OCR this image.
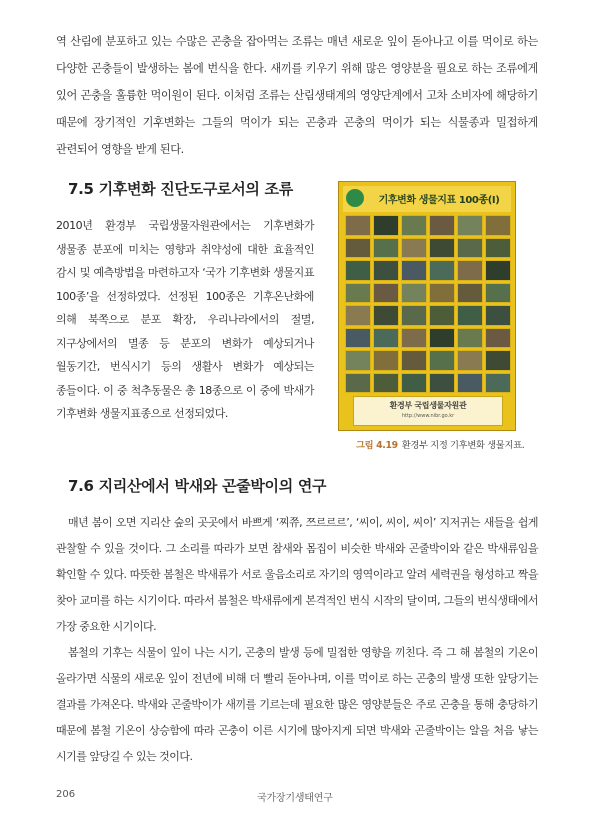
역 산림에 분포하고 있는 수많은 곤충을 잡아먹는 조류는 매년 새로운 잎이 돋아나고 이를 먹이로 하는 다양한 곤충들이 발생하는 봄에 번식을 한다. 새끼를 키우기 위해 많은 영양분을 필요로 하는 조류에게 있어 곤충을 훌륭한 먹이원이 된다. 이처럼 조류는 산림생태계의 영양단계에서 고차 소비자에 해당하기 때문에 장기적인 기후변화는 그들의 먹이가 되는 곤충과 곤충의 먹이가 되는 식물종과 밀접하게 관련되어 영향을 받게 된다.

7.5 기후변화 진단도구로서의 조류

2010년 환경부 국립생물자원관에서는 기후변화가 생물종 분포에 미치는 영향과 취약성에 대한 효율적인 감시 및 예측방법을 마련하고자 ‘국가 기후변화 생물지표 100종’을 선정하였다. 선정된 100종은 기후온난화에 의해 북쪽으로 분포 확장, 우리나라에서의 절멸, 지구상에서의 멸종 등 분포의 변화가 예상되거나 월동기간, 번식시기 등의 생활사 변화가 예상되는 종들이다. 이 중 척추동물은 총 18종으로 이 중에 박새가 기후변화 생물지표종으로 선정되었다.

기후변화 생물지표 100종(I)
환경부 국립생물자원관
http://www.nibr.go.kr
그림 4.19 환경부 지정 기후변화 생물지표.
7.6 지리산에서 박새와 곤줄박이의 연구
매년 봄이 오면 지리산 숲의 곳곳에서 바쁘게 ‘찌쮸, 쯔르르르’, ‘씨이, 씨이, 씨이’ 지저귀는 새들을 쉽게 관찰할 수 있을 것이다. 그 소리를 따라가 보면 참새와 몸집이 비슷한 박새와 곤줄박이와 같은 박새류임을 확인할 수 있다. 따뜻한 봄철은 박새류가 서로 울음소리로 자기의 영역이라고 알려 세력권을 형성하고 짝을 찾아 교미를 하는 시기이다. 따라서 봄철은 박새류에게 본격적인 번식 시작의 달이며, 그들의 번식생태에서 가장 중요한 시기이다.
봄철의 기후는 식물이 잎이 나는 시기, 곤충의 발생 등에 밀접한 영향을 끼친다. 즉 그 해 봄철의 기온이 올라가면 식물의 새로운 잎이 전년에 비해 더 빨리 돋아나며, 이를 먹이로 하는 곤충의 발생 또한 앞당기는 결과를 가져온다. 박새와 곤줄박이가 새끼를 기르는데 필요한 많은 영양분들은 주로 곤충을 통해 충당하기 때문에 봄철 기온이 상승함에 따라 곤충이 이른 시기에 많아지게 되면 박새와 곤줄박이는 알을 처음 낳는 시기를 앞당길 수 있는 것이다.
206	국가장기생태연구
